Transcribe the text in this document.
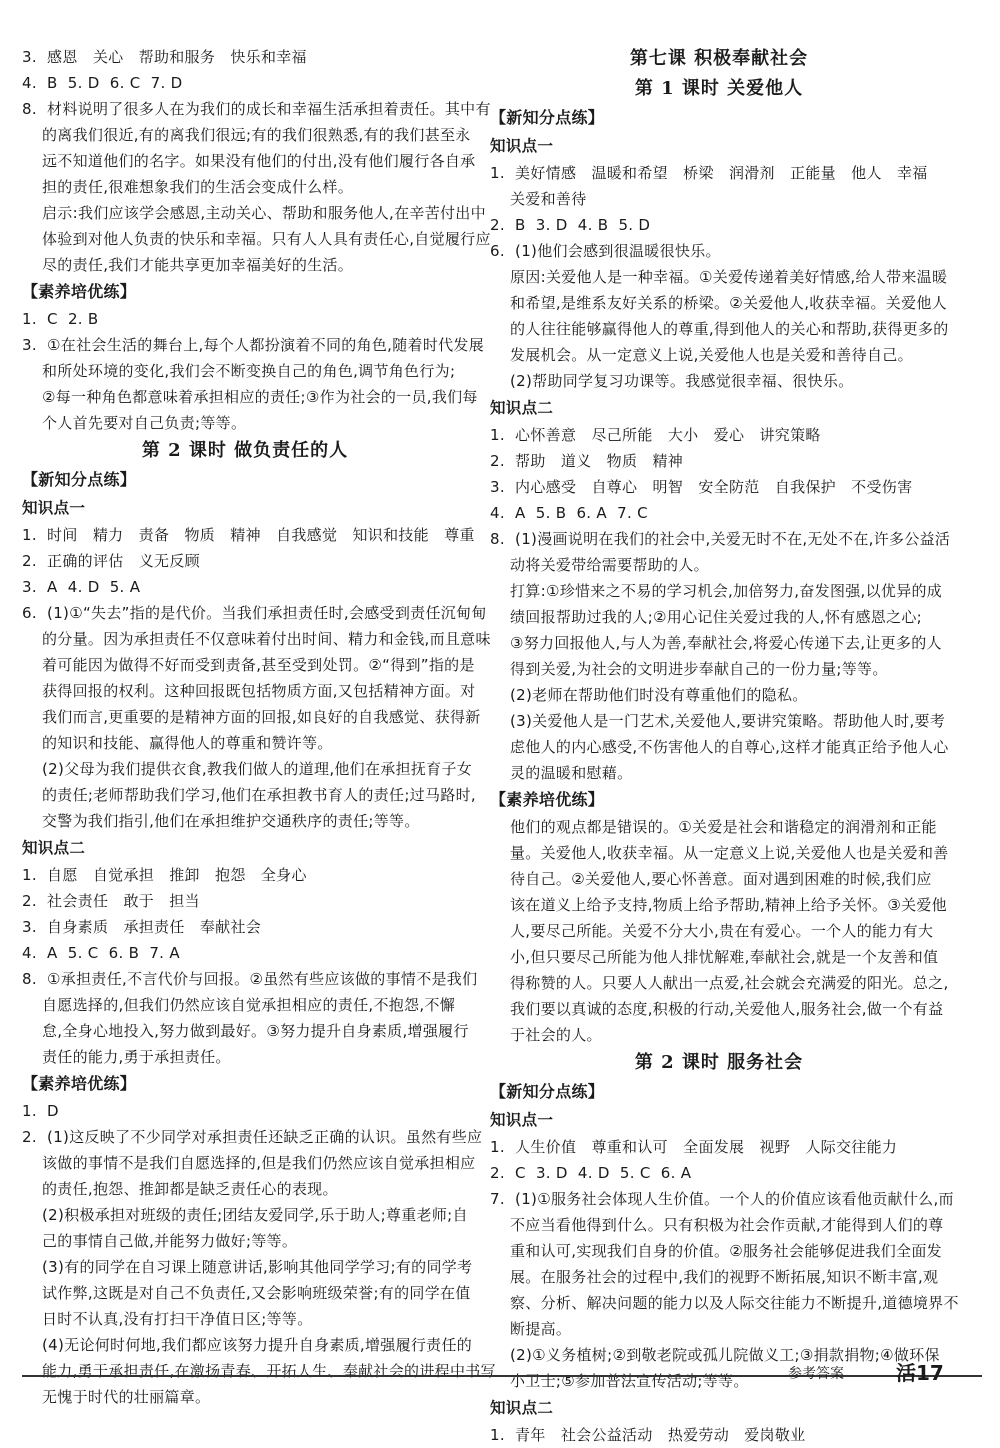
3.  感恩   关心   帮助和服务   快乐和幸福
4.  B  5. D  6. C  7. D
8.  材料说明了很多人在为我们的成长和幸福生活承担着责任。其中有
的离我们很近,有的离我们很远;有的我们很熟悉,有的我们甚至永
远不知道他们的名字。如果没有他们的付出,没有他们履行各自承
担的责任,很难想象我们的生活会变成什么样。
启示:我们应该学会感恩,主动关心、帮助和服务他人,在辛苦付出中
体验到对他人负责的快乐和幸福。只有人人具有责任心,自觉履行应
尽的责任,我们才能共享更加幸福美好的生活。
【素养培优练】
1.  C  2. B
3.  ①在社会生活的舞台上,每个人都扮演着不同的角色,随着时代发展
和所处环境的变化,我们会不断变换自己的角色,调节角色行为;
②每一种角色都意味着承担相应的责任;③作为社会的一员,我们每
个人首先要对自己负责;等等。
第 2 课时 做负责任的人
【新知分点练】
知识点一
1.  时间   精力   责备   物质   精神   自我感觉   知识和技能   尊重
2.  正确的评估   义无反顾
3.  A  4. D  5. A
6.  (1)①“失去”指的是代价。当我们承担责任时,会感受到责任沉甸甸
的分量。因为承担责任不仅意味着付出时间、精力和金钱,而且意味
着可能因为做得不好而受到责备,甚至受到处罚。②“得到”指的是
获得回报的权利。这种回报既包括物质方面,又包括精神方面。对
我们而言,更重要的是精神方面的回报,如良好的自我感觉、获得新
的知识和技能、赢得他人的尊重和赞许等。
(2)父母为我们提供衣食,教我们做人的道理,他们在承担抚育子女
的责任;老师帮助我们学习,他们在承担教书育人的责任;过马路时,
交警为我们指引,他们在承担维护交通秩序的责任;等等。
知识点二
1.  自愿   自觉承担   推卸   抱怨   全身心
2.  社会责任   敢于   担当
3.  自身素质   承担责任   奉献社会
4.  A  5. C  6. B  7. A
8.  ①承担责任,不言代价与回报。②虽然有些应该做的事情不是我们
自愿选择的,但我们仍然应该自觉承担相应的责任,不抱怨,不懈
怠,全身心地投入,努力做到最好。③努力提升自身素质,增强履行
责任的能力,勇于承担责任。
【素养培优练】
1.  D
2.  (1)这反映了不少同学对承担责任还缺乏正确的认识。虽然有些应
该做的事情不是我们自愿选择的,但是我们仍然应该自觉承担相应
的责任,抱怨、推卸都是缺乏责任心的表现。
(2)积极承担对班级的责任;团结友爱同学,乐于助人;尊重老师;自
己的事情自己做,并能努力做好;等等。
(3)有的同学在自习课上随意讲话,影响其他同学学习;有的同学考
试作弊,这既是对自己不负责任,又会影响班级荣誉;有的同学在值
日时不认真,没有打扫干净值日区;等等。
(4)无论何时何地,我们都应该努力提升自身素质,增强履行责任的
能力,勇于承担责任,在激扬青春、开拓人生、奉献社会的进程中书写
无愧于时代的壮丽篇章。
第七课 积极奉献社会
第 1 课时 关爱他人
【新知分点练】
知识点一
1.  美好情感   温暖和希望   桥梁   润滑剂   正能量   他人   幸福
关爱和善待
2.  B  3. D  4. B  5. D
6.  (1)他们会感到很温暖很快乐。
原因:关爱他人是一种幸福。①关爱传递着美好情感,给人带来温暖
和希望,是维系友好关系的桥梁。②关爱他人,收获幸福。关爱他人
的人往往能够赢得他人的尊重,得到他人的关心和帮助,获得更多的
发展机会。从一定意义上说,关爱他人也是关爱和善待自己。
(2)帮助同学复习功课等。我感觉很幸福、很快乐。
知识点二
1.  心怀善意   尽己所能   大小   爱心   讲究策略
2.  帮助   道义   物质   精神
3.  内心感受   自尊心   明智   安全防范   自我保护   不受伤害
4.  A  5. B  6. A  7. C
8.  (1)漫画说明在我们的社会中,关爱无时不在,无处不在,许多公益活
动将关爱带给需要帮助的人。
打算:①珍惜来之不易的学习机会,加倍努力,奋发图强,以优异的成
绩回报帮助过我的人;②用心记住关爱过我的人,怀有感恩之心;
③努力回报他人,与人为善,奉献社会,将爱心传递下去,让更多的人
得到关爱,为社会的文明进步奉献自己的一份力量;等等。
(2)老师在帮助他们时没有尊重他们的隐私。
(3)关爱他人是一门艺术,关爱他人,要讲究策略。帮助他人时,要考
虑他人的内心感受,不伤害他人的自尊心,这样才能真正给予他人心
灵的温暖和慰藉。
【素养培优练】
他们的观点都是错误的。①关爱是社会和谐稳定的润滑剂和正能
量。关爱他人,收获幸福。从一定意义上说,关爱他人也是关爱和善
待自己。②关爱他人,要心怀善意。面对遇到困难的时候,我们应
该在道义上给予支持,物质上给予帮助,精神上给予关怀。③关爱他
人,要尽己所能。关爱不分大小,贵在有爱心。一个人的能力有大
小,但只要尽己所能为他人排忧解难,奉献社会,就是一个友善和值
得称赞的人。只要人人献出一点爱,社会就会充满爱的阳光。总之,
我们要以真诚的态度,积极的行动,关爱他人,服务社会,做一个有益
于社会的人。
第 2 课时 服务社会
【新知分点练】
知识点一
1.  人生价值   尊重和认可   全面发展   视野   人际交往能力
2.  C  3. D  4. D  5. C  6. A
7.  (1)①服务社会体现人生价值。一个人的价值应该看他贡献什么,而
不应当看他得到什么。只有积极为社会作贡献,才能得到人们的尊
重和认可,实现我们自身的价值。②服务社会能够促进我们全面发
展。在服务社会的过程中,我们的视野不断拓展,知识不断丰富,观
察、分析、解决问题的能力以及人际交往能力不断提升,道德境界不
断提高。
(2)①义务植树;②到敬老院或孤儿院做义工;③捐款捐物;④做环保
小卫士;⑤参加普法宣传活动;等等。
知识点二
1.  青年   社会公益活动   热爱劳动   爱岗敬业
参考答案	活17
